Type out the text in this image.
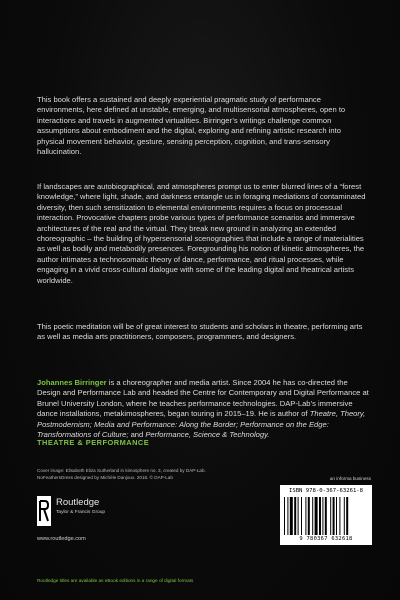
This book offers a sustained and deeply experiential pragmatic study of performance environments, here defined at unstable, emerging, and multisensorial atmospheres, open to interactions and travels in augmented virtualities. Birringer’s writings challenge common assumptions about embodiment and the digital, exploring and refining artistic research into physical movement behavior, gesture, sensing perception, cognition, and trans-sensory hallucination.

If landscapes are autobiographical, and atmospheres prompt us to enter blurred lines of a “forest knowledge,” where light, shade, and darkness entangle us in foraging mediations of contaminated diversity, then such sensitization to elemental environments requires a focus on processual interaction. Provocative chapters probe various types of performance scenarios and immersive architectures of the real and the virtual. They break new ground in analyzing an extended choreographic – the building of hypersensorial scenographies that include a range of materialities as well as bodily and metabodily presences. Foregrounding his notion of kinetic atmospheres, the author intimates a technosomatic theory of dance, performance, and ritual processes, while engaging in a vivid cross-cultural dialogue with some of the leading digital and theatrical artists worldwide.

This poetic meditation will be of great interest to students and scholars in theatre, performing arts as well as media arts practitioners, composers, programmers, and designers.

Johannes Birringer is a choreographer and media artist. Since 2004 he has co-directed the Design and Performance Lab and headed the Centre for Contemporary and Digital Performance at Brunel University London, where he teaches performance technologies. DAP-Lab’s immersive dance installations, metakimospheres, began touring in 2015–19. He is author of Theatre, Theory, Postmodernism; Media and Performance: Along the Border; Performance on the Edge: Transformations of Culture; and Performance, Science & Technology.

THEATRE & PERFORMANCE
Cover image: Elisabeth Eliza Sutherland in kimosphere no. 3, created by DAP-Lab.
NoFeathersDress designed by Michèle Danjoux. 2016. © DAP-Lab
Routledge
Taylor & Francis Group
www.routledge.com
an informa business
ISBN 978-0-367-63261-8
9 780367 632618
Routledge titles are available as eBook editions in a range of digital formats
